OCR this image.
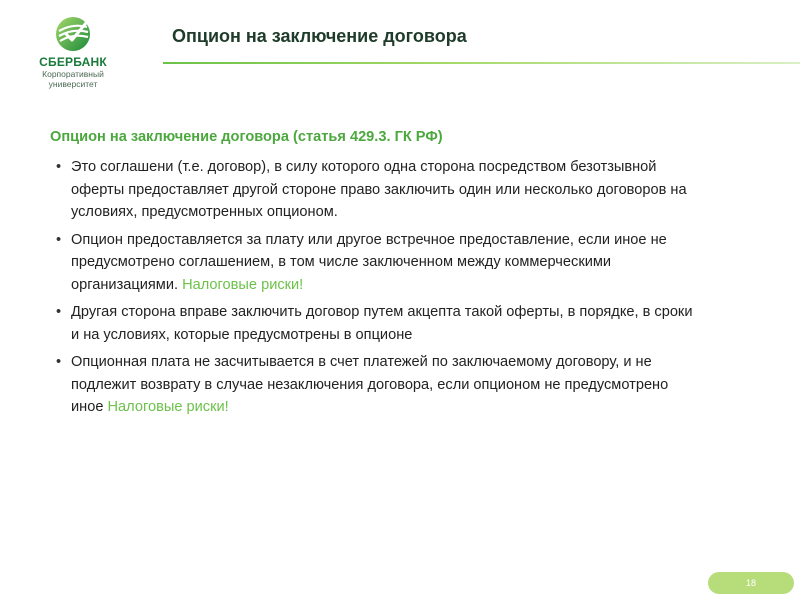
СБЕРБАНК
Корпоративный
университет
Опцион на заключение договора
Опцион на заключение договора (статья 429.3. ГК РФ)
• Это соглашени (т.е. договор), в силу которого одна сторона посредством безотзывной оферты предоставляет другой стороне право заключить один или несколько договоров на условиях, предусмотренных опционом.
• Опцион предоставляется за плату или другое встречное предоставление, если иное не предусмотрено соглашением, в том числе заключенном между коммерческими организациями. Налоговые риски!
• Другая сторона вправе заключить договор путем акцепта такой оферты, в порядке, в сроки и на условиях, которые предусмотрены в опционе
• Опционная плата не засчитывается в счет платежей по заключаемому договору, и не подлежит возврату в случае незаключения договора, если опционом не предусмотрено иное Налоговые риски!
18
